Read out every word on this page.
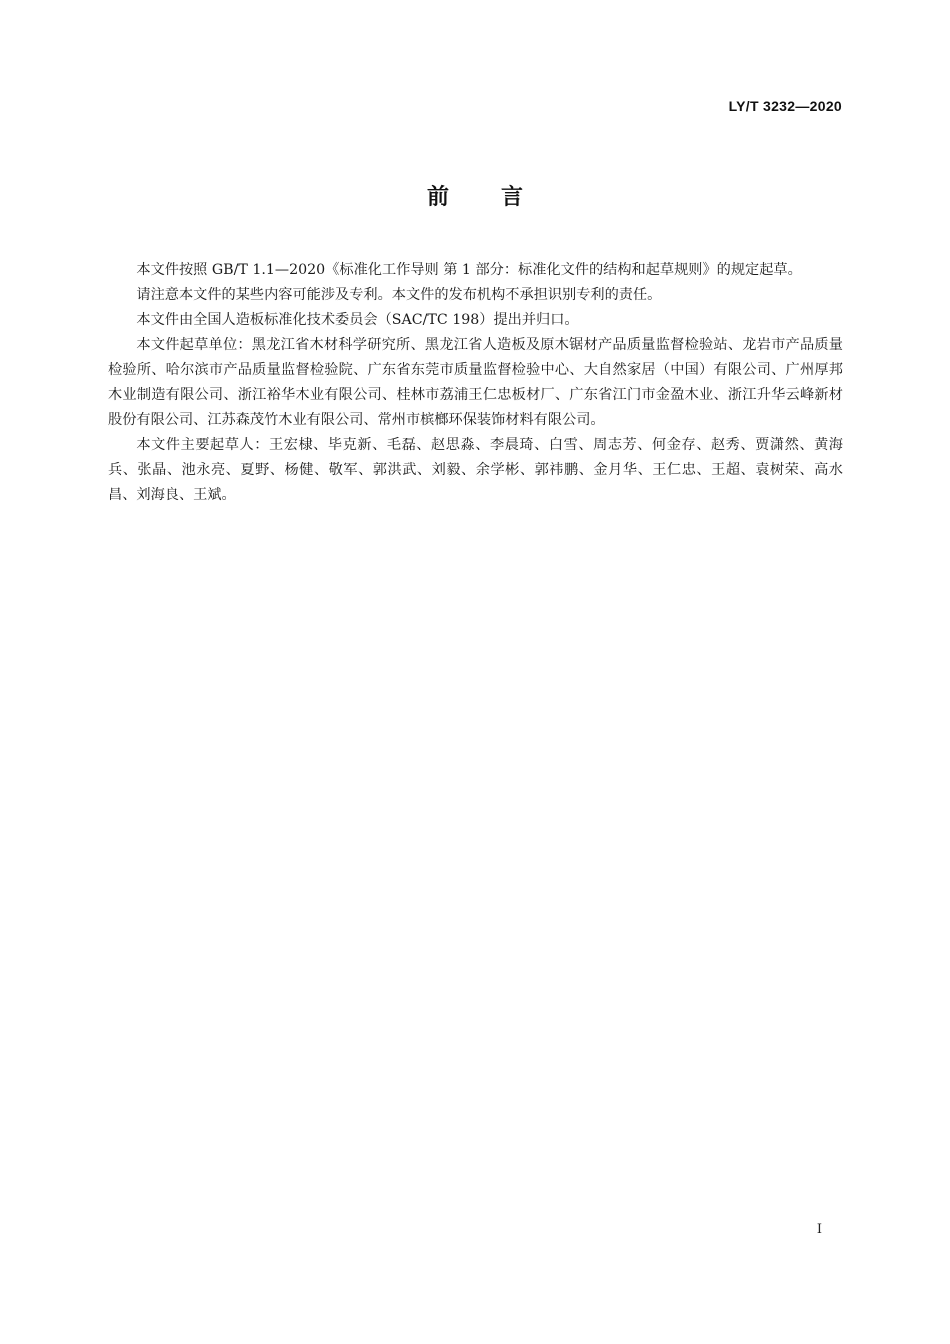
LY/T 3232—2020
前言

本文件按照 GB/T 1.1—2020《标准化工作导则 第 1 部分：标准化文件的结构和起草规则》的规定起草。

请注意本文件的某些内容可能涉及专利。本文件的发布机构不承担识别专利的责任。

本文件由全国人造板标准化技术委员会（SAC/TC 198）提出并归口。

本文件起草单位：黑龙江省木材科学研究所、黑龙江省人造板及原木锯材产品质量监督检验站、龙岩市产品质量检验所、哈尔滨市产品质量监督检验院、广东省东莞市质量监督检验中心、大自然家居（中国）有限公司、广州厚邦木业制造有限公司、浙江裕华木业有限公司、桂林市荔浦王仁忠板材厂、广东省江门市金盈木业、浙江升华云峰新材股份有限公司、江苏森茂竹木业有限公司、常州市槟榔环保装饰材料有限公司。

本文件主要起草人：王宏棣、毕克新、毛磊、赵思淼、李晨琦、白雪、周志芳、何金存、赵秀、贾潇然、黄海兵、张晶、池永亮、夏野、杨健、敬军、郭洪武、刘毅、余学彬、郭祎鹏、金月华、王仁忠、王超、袁树荣、高水昌、刘海良、王斌。

I
